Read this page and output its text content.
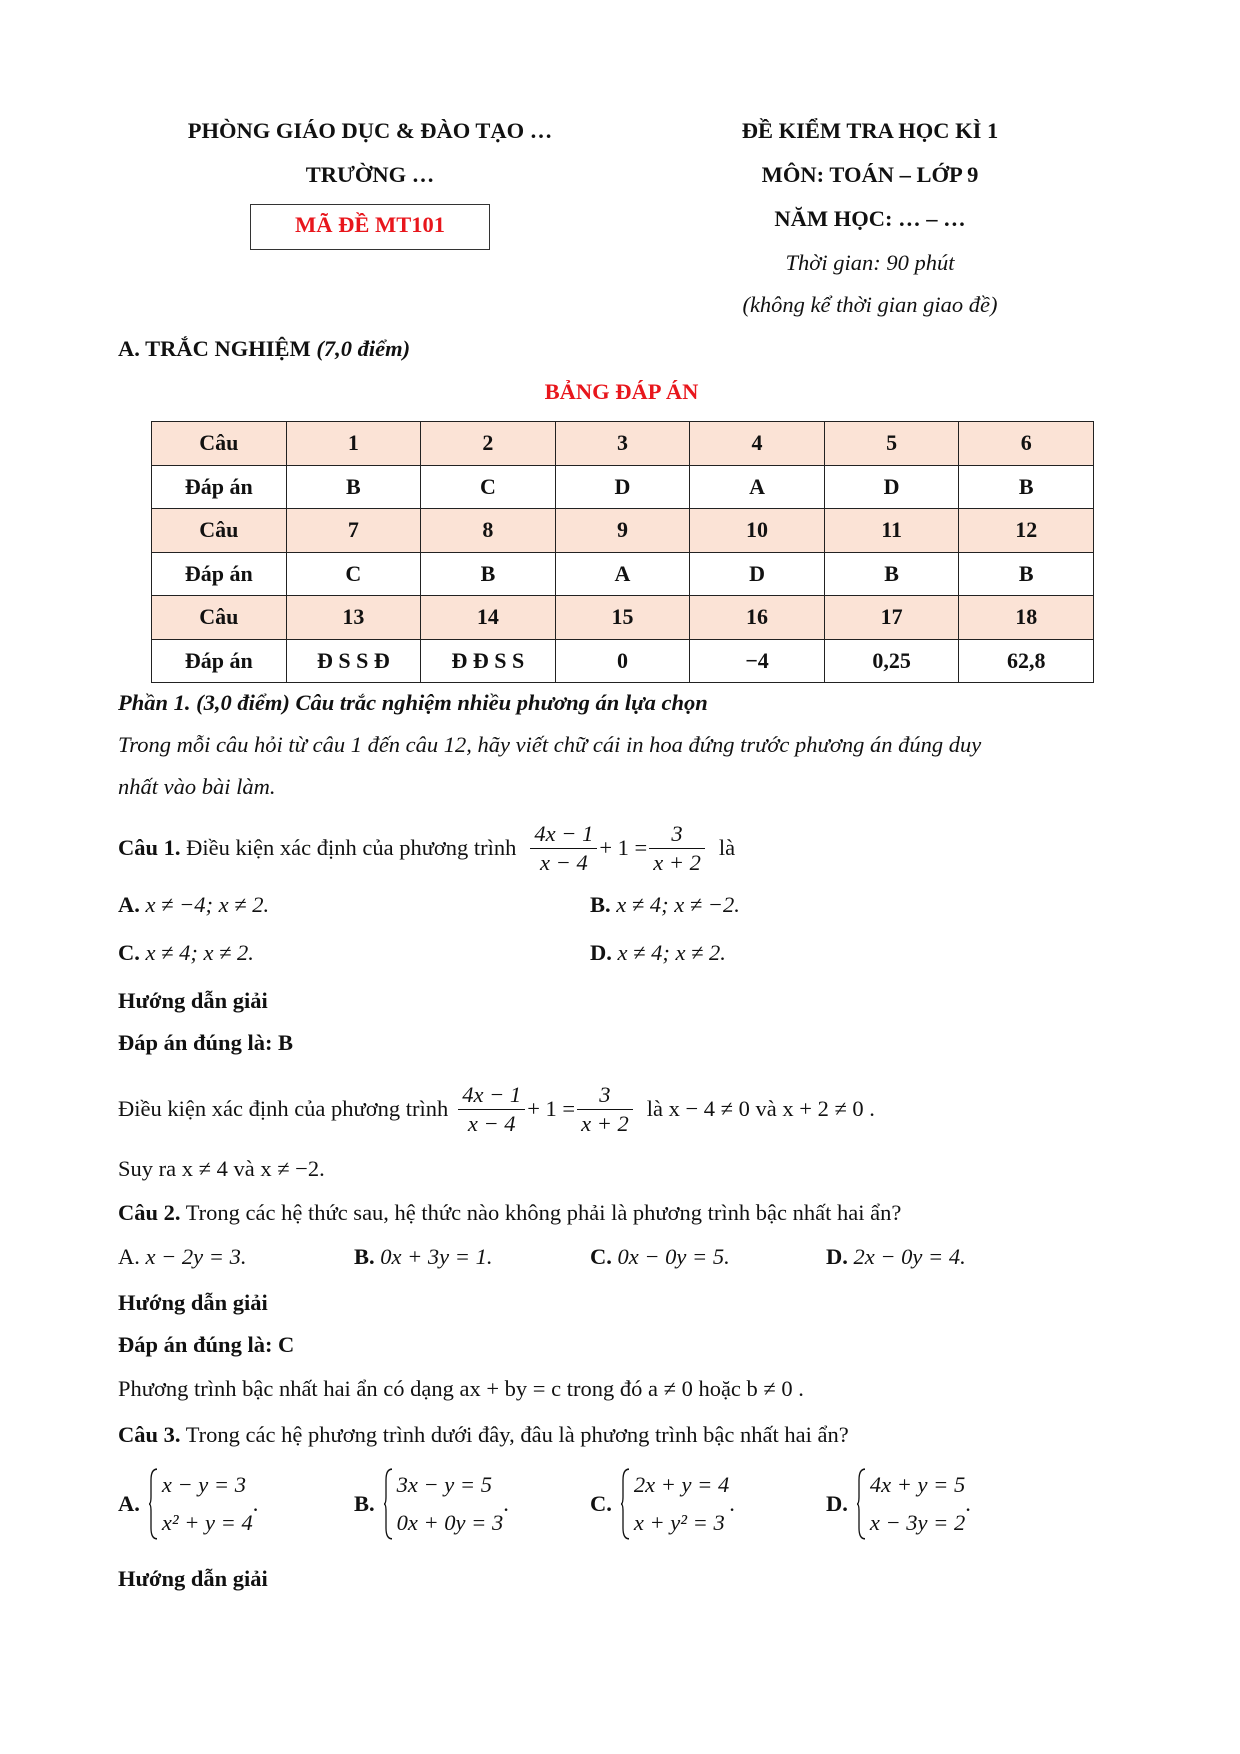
PHÒNG GIÁO DỤC & ĐÀO TẠO …
TRƯỜNG …
MÃ ĐỀ MT101
ĐỀ KIỂM TRA HỌC KÌ 1
MÔN: TOÁN – LỚP 9
NĂM HỌC: … – …
Thời gian: 90 phút
(không kể thời gian giao đề)
A. TRẮC NGHIỆM (7,0 điểm)
BẢNG ĐÁP ÁN
Câu	1	2	3	4	5	6
Đáp án	B	C	D	A	D	B
Câu	7	8	9	10	11	12
Đáp án	C	B	A	D	B	B
Câu	13	14	15	16	17	18
Đáp án	Đ S S Đ	Đ Đ S S	0	−4	0,25	62,8
Phần 1. (3,0 điểm) Câu trắc nghiệm nhiều phương án lựa chọn
Trong mỗi câu hỏi từ câu 1 đến câu 12, hãy viết chữ cái in hoa đứng trước phương án đúng duy
nhất vào bài làm.
Câu 1.
Điều kiện xác định của phương trình $\frac{4x - 1}{x - 4} + 1 = \frac{3}{x + 2}$ là
A. x ≠ −4; x ≠ 2.	B. x ≠ 4; x ≠ −2.
C. x ≠ 4; x ≠ 2.	D. x ≠ 4; x ≠ 2.
Hướng dẫn giải
Đáp án đúng là: B
Điều kiện xác định của phương trình $\frac{4x - 1}{x - 4} + 1 = \frac{3}{x + 2}$ là x − 4 ≠ 0 và x + 2 ≠ 0 .
Suy ra x ≠ 4 và x ≠ −2.
Câu 2. Trong các hệ thức sau, hệ thức nào không phải là phương trình bậc nhất hai ẩn?
A. x − 2y = 3.	B. 0x + 3y = 1.	C. 0x − 0y = 5.	D. 2x − 0y = 4.
Hướng dẫn giải
Đáp án đúng là: C
Phương trình bậc nhất hai ẩn có dạng ax + by = c trong đó a ≠ 0 hoặc b ≠ 0 .
Câu 3. Trong các hệ phương trình dưới đây, đâu là phương trình bậc nhất hai ẩn?
A.
x − y = 3
x² + y = 4
.	B.
3x − y = 5
0x + 0y = 3
.	C.
2x + y = 4
x + y² = 3
.	D.
4x + y = 5
x − 3y = 2
.
Hướng dẫn giải
